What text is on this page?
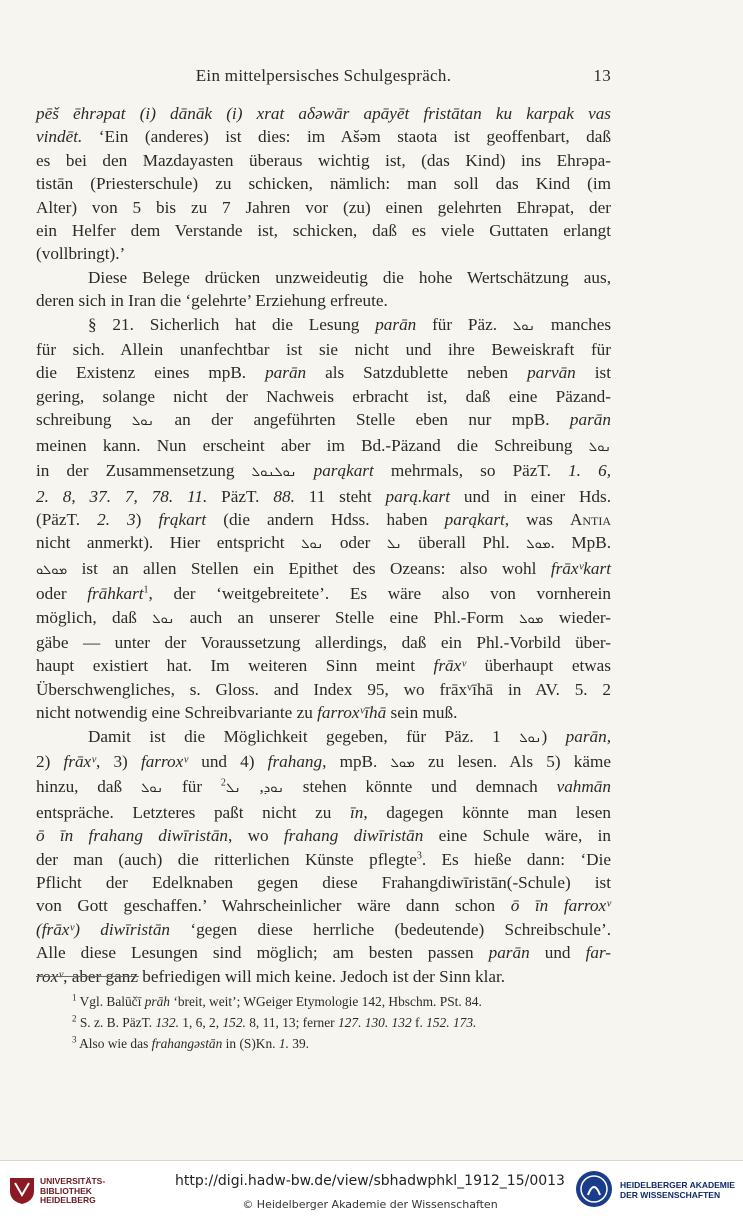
Ein mittelpersisches Schulgespräch.	13

pēš ēhrəpat (i) dānāk (i) xrat aδəwār apāyēt fristātan ku karpak vas
vindēt. ‘Ein (anderes) ist dies: im Ašəm staota ist geoffenbart, daß
es bei den Mazdayasten überaus wichtig ist, (das Kind) ins Ehrəpa-
tistān (Priesterschule) zu schicken, nämlich: man soll das Kind (im
Alter) von 5 bis zu 7 Jahren vor (zu) einen gelehrten Ehrəpat, der
ein Helfer dem Verstande ist, schicken, daß es viele Guttaten erlangt
(vollbringt).’

Diese Belege drücken unzweideutig die hohe Wertschätzung aus,
deren sich in Iran die ‘gelehrte’ Erziehung erfreute.

§ 21. Sicherlich hat die Lesung parān für Päz. ܢܘܠ manches
für sich. Allein unanfechtbar ist sie nicht und ihre Beweiskraft für
die Existenz eines mpB. parān als Satzdublette neben parvān ist
gering, solange nicht der Nachweis erbracht ist, daß eine Päzand-
schreibung ܢܘܠ an der angeführten Stelle eben nur mpB. parān
meinen kann. Nun erscheint aber im Bd.-Päzand die Schreibung ܢܘܠ
in der Zusammensetzung ܢܘܠܢܘܠ parąkart mehrmals, so PäzT. 1. 6,
2. 8, 37. 7, 78. 11. PäzT. 88. 11 steht parą.kart und in einer Hds.
(PäzT. 2. 3) frąkart (die andern Hdss. haben parąkart, was Antia
nicht anmerkt). Hier entspricht ܢܘܠ oder ܢܠ überall Phl. ܡܘܠ. MpB.
ܡܘܠܘ ist an allen Stellen ein Epithet des Ozeans: also wohl frāxᵛkart
oder frāhkart$^1$, der ‘weitgebreitete’. Es wäre also von vornherein
möglich, daß ܢܘܠ auch an unserer Stelle eine Phl.-Form ܡܘܠ wieder-
gäbe — unter der Voraussetzung allerdings, daß ein Phl.-Vorbild über-
haupt existiert hat. Im weiteren Sinn meint frāxᵛ überhaupt etwas
Überschwengliches, s. Gloss. and Index 95, wo frāxᵛīhā in AV. 5. 2
nicht notwendig eine Schreibvariante zu farroxᵛīhā sein muß.

Damit ist die Möglichkeit gegeben, für Päz. ܢܘܠ 1) parān,
2) frāxᵛ, 3) farroxᵛ und 4) frahang, mpB. ܡܘܠ zu lesen. Als 5) käme
hinzu, daß ܢܘܠ für	ܢܘܕ, ܢܠ$^2$	stehen könnte und demnach vahmān
entspräche. Letzteres paßt nicht zu īn, dagegen könnte man lesen
ō īn frahang diwīristān, wo frahang diwīristān eine Schule wäre, in
der man (auch) die ritterlichen Künste pflegte$^3$. Es hieße dann: ‘Die
Pflicht der Edelknaben gegen diese Frahangdiwīristān(-Schule) ist
von Gott geschaffen.’ Wahrscheinlicher wäre dann schon ō īn farroxᵛ
(frāxᵛ) diwīristān ‘gegen diese herrliche (bedeutende) Schreibschule’.
Alle diese Lesungen sind möglich; am besten passen parān und far-
roxᵛ, aber ganz befriedigen will mich keine. Jedoch ist der Sinn klar.

$^1$ Vgl. Balūčī prāh ‘breit, weit’; WGeiger Etymologie 142, Hbschm. PSt. 84.
$^2$ S. z. B. PäzT. 132. 1, 6, 2, 152. 8, 11, 13; ferner 127. 130. 132 f. 152. 173.
$^3$ Also wie das frahangəstān in (S)Kn. 1. 39.
UNIVERSITÄTS-
BIBLIOTHEK
HEIDELBERG
http://digi.hadw-bw.de/view/sbhadwphkl_1912_15/0013
© Heidelberger Akademie der Wissenschaften
HEIDELBERGER AKADEMIE
DER WISSENSCHAFTEN
